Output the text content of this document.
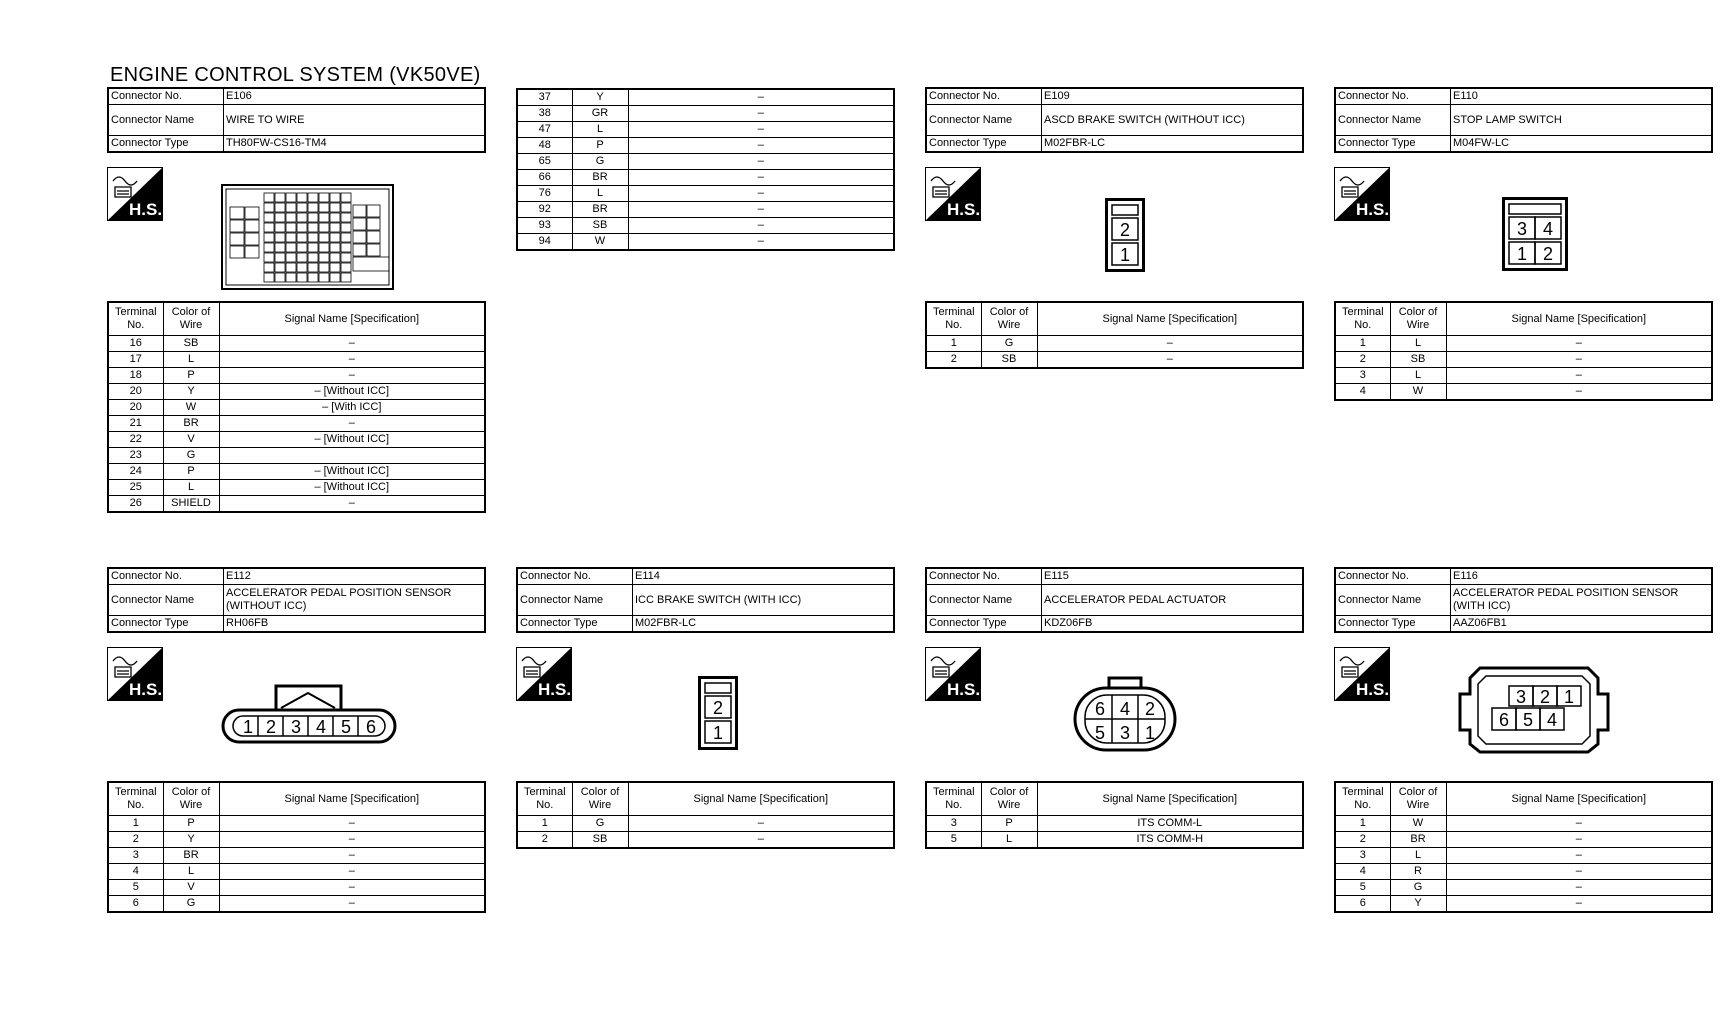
ENGINE CONTROL SYSTEM (VK50VE)
Connector No.	E106
Connector Name	WIRE TO WIRE
Connector Type	TH80FW-CS16-TM4
H.S.
Terminal No.	Color of Wire	Signal Name [Specification]
16	SB	–
17	L	–
18	P	–
20	Y	– [Without ICC]
20	W	– [With ICC]
21	BR	–
22	V	– [Without ICC]
23	G	
24	P	– [Without ICC]
25	L	– [Without ICC]
26	SHIELD	–
37	Y	–
38	GR	–
47	L	–
48	P	–
65	G	–
66	BR	–
76	L	–
92	BR	–
93	SB	–
94	W	–
Connector No.	E109
Connector Name	ASCD BRAKE SWITCH (WITHOUT ICC)
Connector Type	M02FBR-LC
H.S.
2
1
Terminal No.	Color of Wire	Signal Name [Specification]
1	G	–
2	SB	–
Connector No.	E110
Connector Name	STOP LAMP SWITCH
Connector Type	M04FW-LC
H.S.
3 4
1 2
Terminal No.	Color of Wire	Signal Name [Specification]
1	L	–
2	SB	–
3	L	–
4	W	–
Connector No.	E112
Connector Name	ACCELERATOR PEDAL POSITION SENSOR (WITHOUT ICC)
Connector Type	RH06FB
H.S.
1 2 3 4 5 6
Terminal No.	Color of Wire	Signal Name [Specification]
1	P	–
2	Y	–
3	BR	–
4	L	–
5	V	–
6	G	–
Connector No.	E114
Connector Name	ICC BRAKE SWITCH (WITH ICC)
Connector Type	M02FBR-LC
H.S.
2
1
Terminal No.	Color of Wire	Signal Name [Specification]
1	G	–
2	SB	–
Connector No.	E115
Connector Name	ACCELERATOR PEDAL ACTUATOR
Connector Type	KDZ06FB
H.S.
6 4 2
5 3 1
Terminal No.	Color of Wire	Signal Name [Specification]
3	P	ITS COMM-L
5	L	ITS COMM-H
Connector No.	E116
Connector Name	ACCELERATOR PEDAL POSITION SENSOR (WITH ICC)
Connector Type	AAZ06FB1
H.S.	3 2 1
6 5 4
Terminal No.	Color of Wire	Signal Name [Specification]
1	W	–
2	BR	–
3	L	–
4	R	–
5	G	–
6	Y	–
